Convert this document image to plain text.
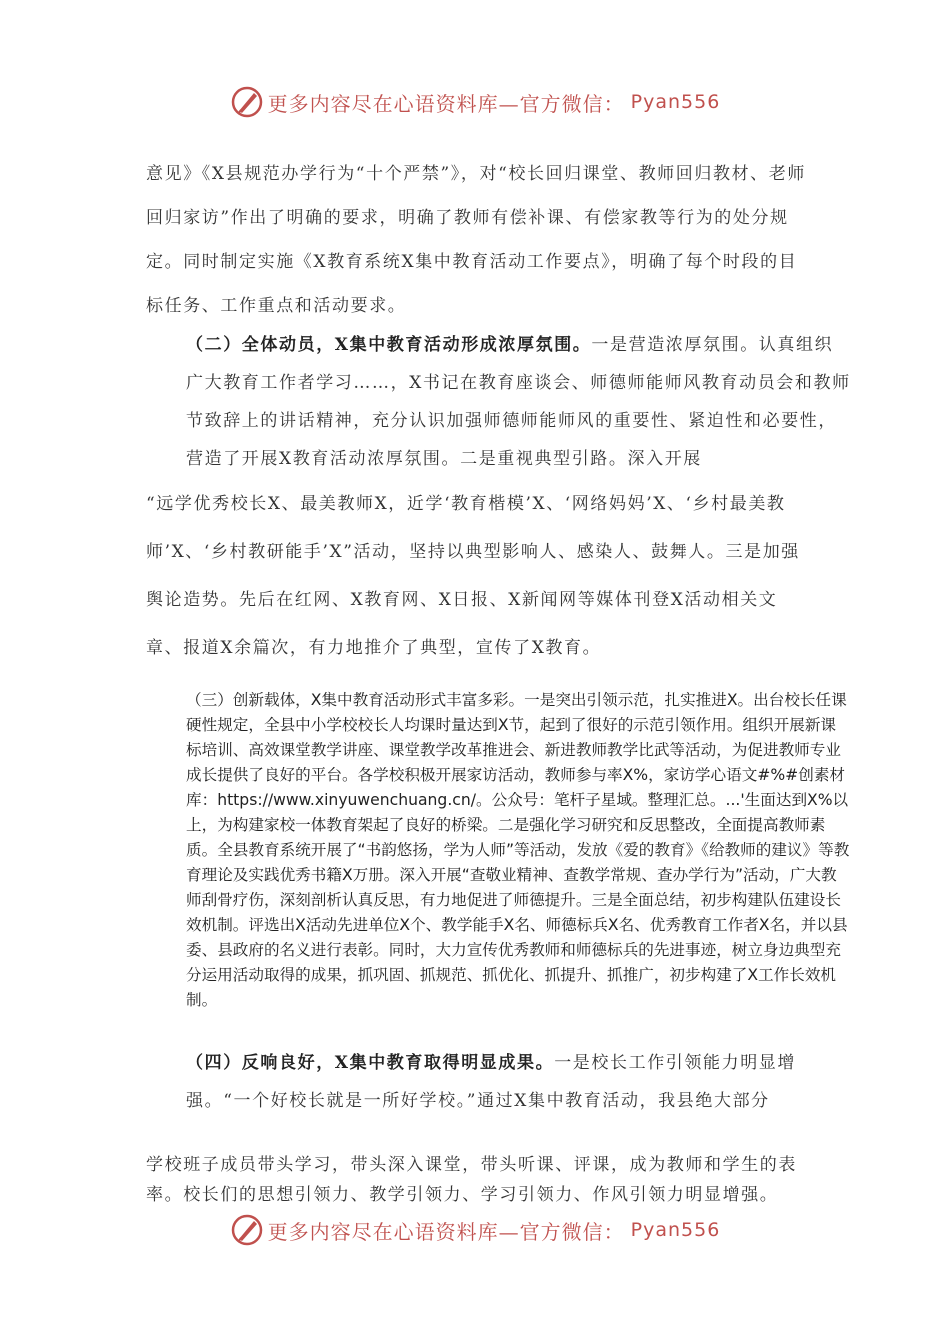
更多内容尽在心语资料库—官方微信： Pyan556

意见》《X县规范办学行为“十个严禁”》，对“校长回归课堂、教师回归教材、老师回归家访”作出了明确的要求，明确了教师有偿补课、有偿家教等行为的处分规定。同时制定实施《X教育系统X集中教育活动工作要点》，明确了每个时段的目标任务、工作重点和活动要求。

（二）全体动员，X集中教育活动形成浓厚氛围。一是营造浓厚氛围。认真组织广大教育工作者学习……，X书记在教育座谈会、师德师能师风教育动员会和教师节致辞上的讲话精神，充分认识加强师德师能师风的重要性、紧迫性和必要性，营造了开展X教育活动浓厚氛围。二是重视典型引路。深入开展

“远学优秀校长X、最美教师X，近学‘教育楷模’X、‘网络妈妈’X、‘乡村最美教师’X、‘乡村教研能手’X”活动，坚持以典型影响人、感染人、鼓舞人。三是加强舆论造势。先后在红网、X教育网、X日报、X新闻网等媒体刊登X活动相关文章、报道X余篇次，有力地推介了典型，宣传了X教育。

（三）创新载体，X集中教育活动形式丰富多彩。一是突出引领示范，扎实推进X。出台校长任课硬性规定，全县中小学校校长人均课时量达到X节，起到了很好的示范引领作用。组织开展新课标培训、高效课堂教学讲座、课堂教学改革推进会、新进教师教学比武等活动，为促进教师专业成长提供了良好的平台。各学校积极开展家访活动，教师参与率X%，家访学心语文#%#创素材库：https://www.xinyuwenchuang.cn/。公众号：笔杆子星域。整理汇总。...'生面达到X%以上，为构建家校一体教育架起了良好的桥梁。二是强化学习研究和反思整改，全面提高教师素质。全县教育系统开展了“书韵悠扬，学为人师”等活动，发放《爱的教育》《给教师的建议》等教育理论及实践优秀书籍X万册。深入开展“查敬业精神、查教学常规、查办学行为”活动，广大教师刮骨疗伤，深刻剖析认真反思，有力地促进了师德提升。三是全面总结，初步构建队伍建设长效机制。评选出X活动先进单位X个、教学能手X名、师德标兵X名、优秀教育工作者X名，并以县委、县政府的名义进行表彰。同时，大力宣传优秀教师和师德标兵的先进事迹，树立身边典型充分运用活动取得的成果，抓巩固、抓规范、抓优化、抓提升、抓推广，初步构建了X工作长效机制。

（四）反响良好，X集中教育取得明显成果。一是校长工作引领能力明显增强。“一个好校长就是一所好学校。”通过X集中教育活动，我县绝大部分

学校班子成员带头学习，带头深入课堂，带头听课、评课，成为教师和学生的表率。校长们的思想引领力、教学引领力、学习引领力、作风引领力明显增强。

更多内容尽在心语资料库—官方微信： Pyan556
